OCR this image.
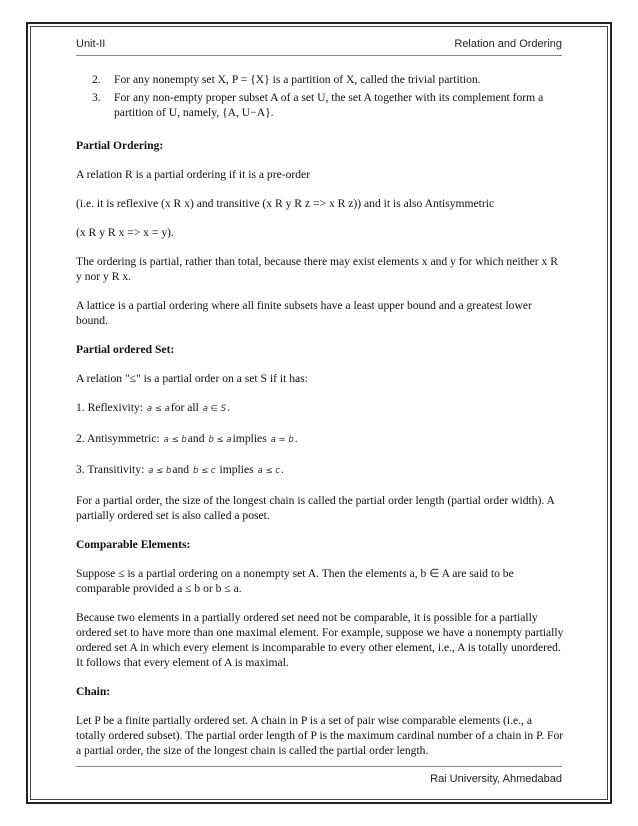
Unit-II	Relation and Ordering
2.	For any nonempty set X, P = {X} is a partition of X, called the trivial partition.
3.	For any non-empty proper subset A of a set U, the set A together with its complement form a partition of U, namely, {A, U−A}.

Partial Ordering:

A relation R is a partial ordering if it is a pre-order

(i.e. it is reflexive (x R x) and transitive (x R y R z => x R z)) and it is also Antisymmetric

(x R y R x => x = y).

The ordering is partial, rather than total, because there may exist elements x and y for which neither x R y nor y R x.

A lattice is a partial ordering where all finite subsets have a least upper bound and a greatest lower bound.

Partial ordered Set:

A relation "≤" is a partial order on a set S if it has:

1. Reflexivity: a ≤ afor all a ∈ S.

2. Antisymmetric: a ≤ band b ≤ aimplies a = b.

3. Transitivity: a ≤ band b ≤ c implies a ≤ c.

For a partial order, the size of the longest chain is called the partial order length (partial order width). A partially ordered set is also called a poset.

Comparable Elements:

Suppose ≤ is a partial ordering on a nonempty set A. Then the elements a, b ∈ A are said to be comparable provided a ≤ b or b ≤ a.

Because two elements in a partially ordered set need not be comparable, it is possible for a partially ordered set to have more than one maximal element. For example, suppose we have a nonempty partially ordered set A in which every element is incomparable to every other element, i.e., A is totally unordered. It follows that every element of A is maximal.

Chain:

Let P be a finite partially ordered set. A chain in P is a set of pair wise comparable elements (i.e., a totally ordered subset). The partial order length of P is the maximum cardinal number of a chain in P. For a partial order, the size of the longest chain is called the partial order length.

Rai University, Ahmedabad
